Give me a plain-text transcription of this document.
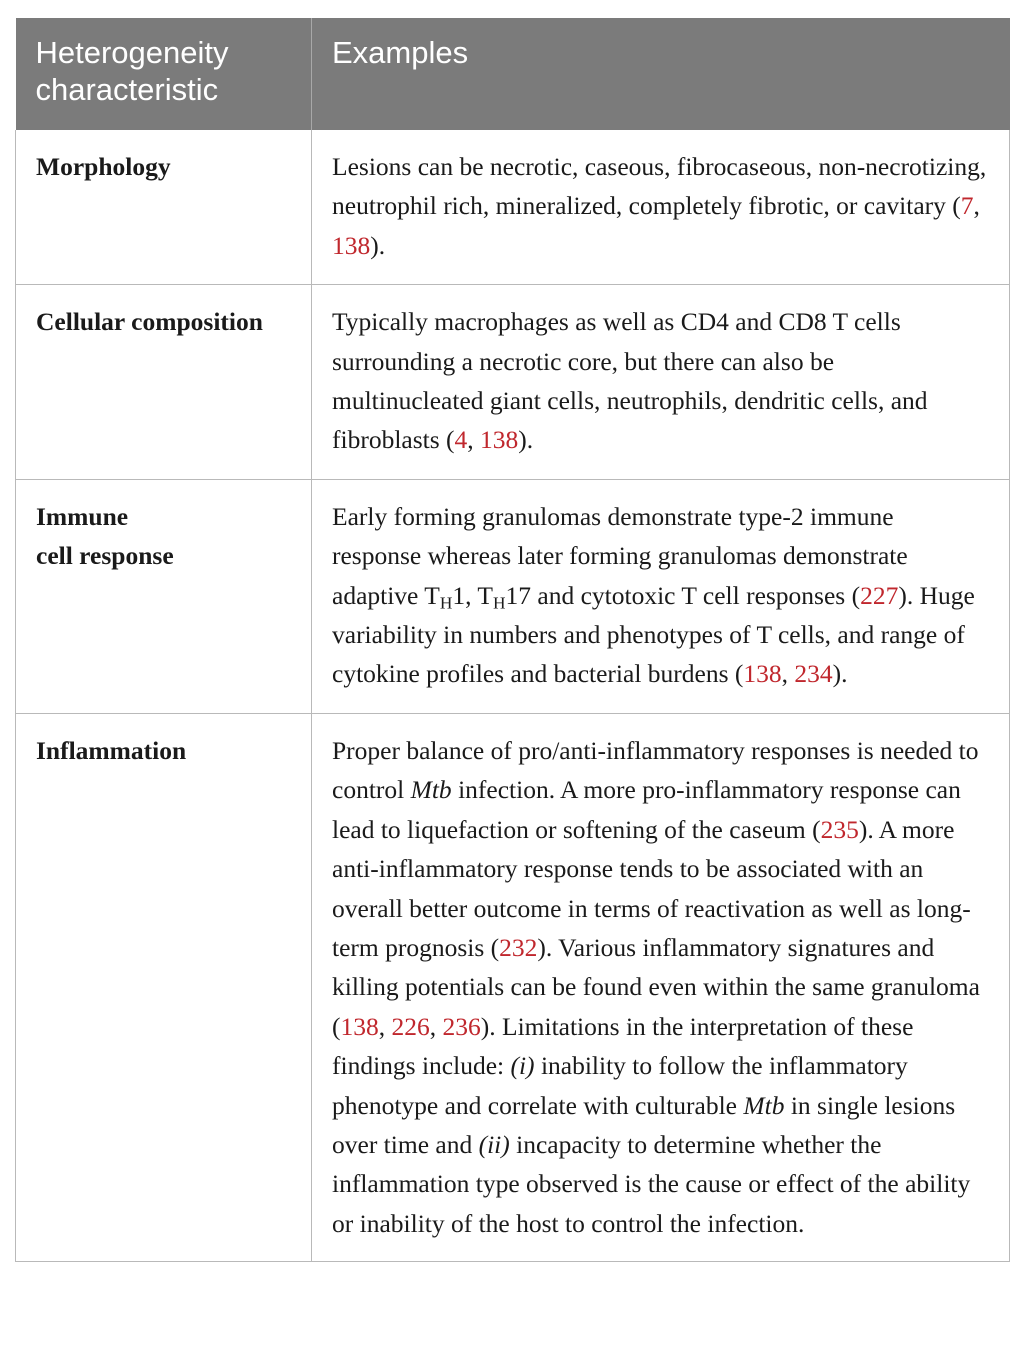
Heterogeneity
characteristic	Examples
Morphology	Lesions can be necrotic, caseous, fibrocaseous, non-necrotizing, neutrophil rich, mineralized, completely fibrotic, or cavitary (7, 138).
Cellular composition	Typically macrophages as well as CD4 and CD8 T cells surrounding a necrotic core, but there can also be multinucleated giant cells, neutrophils, dendritic cells, and fibroblasts (4, 138).

Immune
cell response	Early forming granulomas demonstrate type-2 immune response whereas later forming granulomas demonstrate adaptive $T_H1$, $T_H17$ and cytotoxic T cell responses (227). Huge variability in numbers and phenotypes of T cells, and range of cytokine profiles and bacterial burdens (138, 234).
Inflammation	Proper balance of pro/anti-inflammatory responses is needed to control Mtb infection. A more pro-inflammatory response can lead to liquefaction or softening of the caseum (235). A more anti-inflammatory response tends to be associated with an overall better outcome in terms of reactivation as well as long-term prognosis (232). Various inflammatory signatures and killing potentials can be found even within the same granuloma (138, 226, 236). Limitations in the interpretation of these findings include: (i) inability to follow the inflammatory phenotype and correlate with culturable Mtb in single lesions over time and (ii) incapacity to determine whether the inflammation type observed is the cause or effect of the ability or inability of the host to control the infection.
